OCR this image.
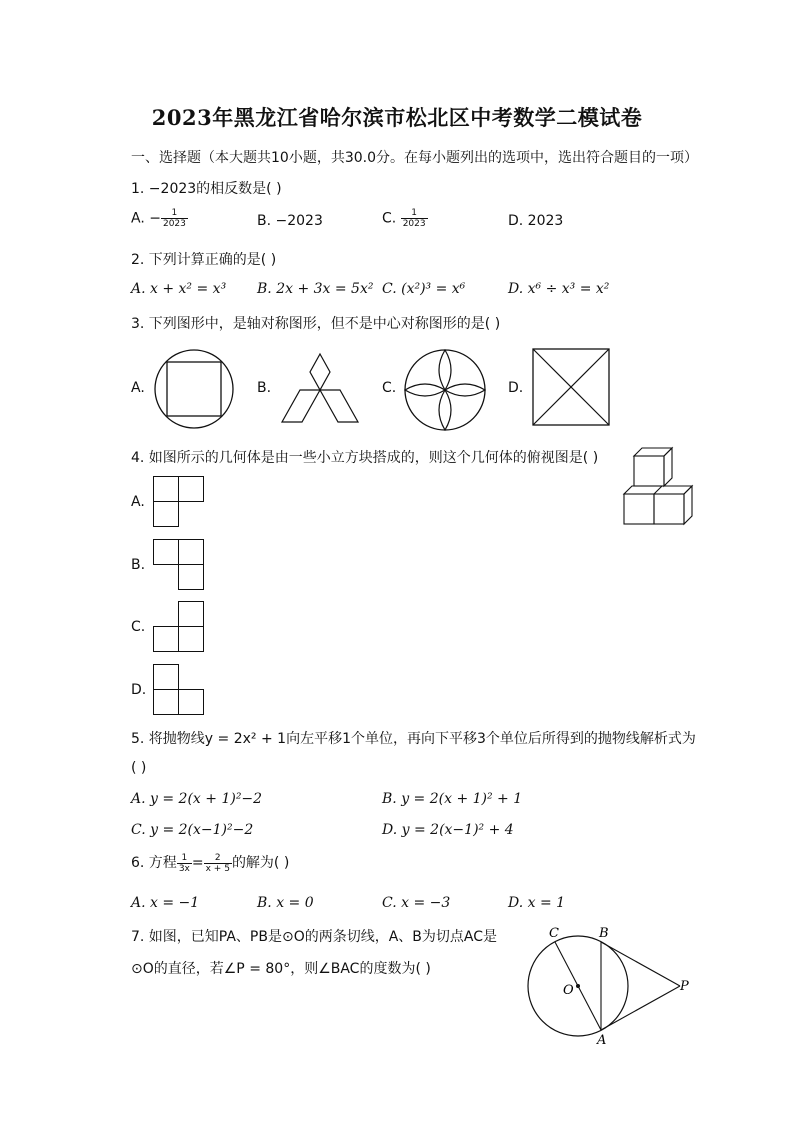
2023年黑龙江省哈尔滨市松北区中考数学二模试卷
一、选择题（本大题共10小题，共30.0分。在每小题列出的选项中，选出符合题目的一项）
1. −2023的相反数是( )
A. − $\frac{1}{2023}$	B. −2023	C. $\frac{1}{2023}$	D. 2023
2. 下列计算正确的是( )
A. x + x² = x³ B. 2x + 3x = 5x² C. (x²)³ = x⁶	D. x⁶ ÷ x³ = x²
3. 下列图形中，是轴对称图形，但不是中心对称图形的是( )
A.	B.	C.	D.
4. 如图所示的几何体是由一些小立方块搭成的，则这个几何体的俯视图是( )
A.
B.
C.
D.
5. 将抛物线y = 2x² + 1向左平移1个单位，再向下平移3个单位后所得到的抛物线解析式为
( )
A. y = 2(x + 1)²−2	B. y = 2(x + 1)² + 1
C. y = 2(x−1)²−2	D. y = 2(x−1)² + 4
6. 方程 $\frac{1}{3x} = \frac{2}{x + 5}$ 的解为( )
A. x = −1	B. x = 0	C. x = −3	D. x = 1
7. 如图，已知PA、PB是⊙O的两条切线，A、B为切点AC是
⊙O的直径，若∠P = 80°，则∠BAC的度数为( )
C	B
O	P
A
